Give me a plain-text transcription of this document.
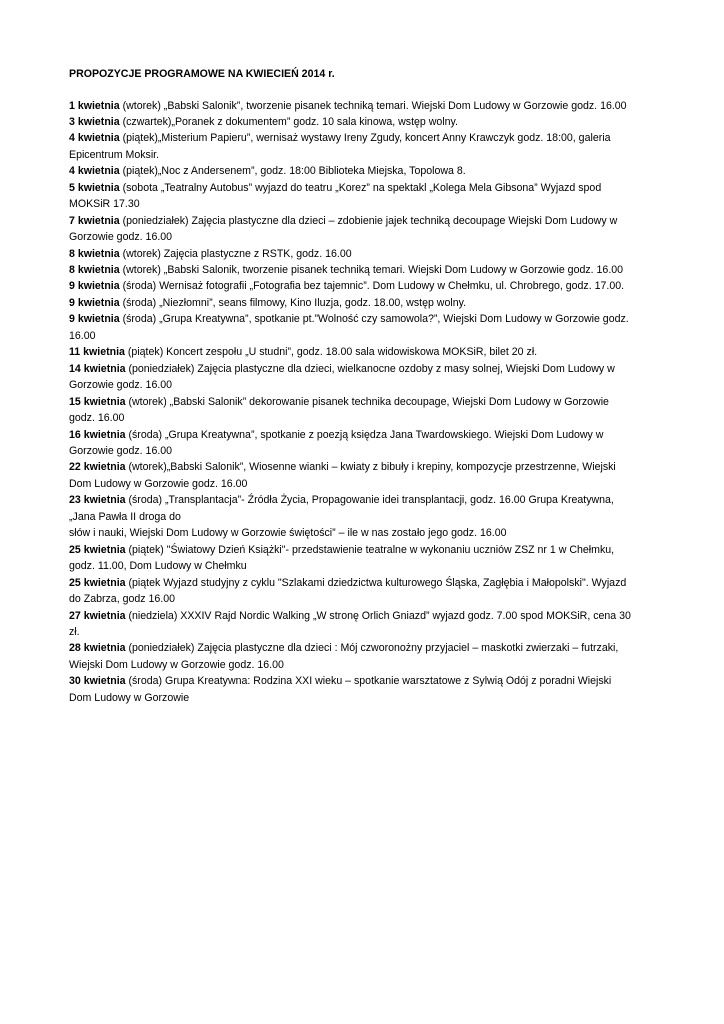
PROPOZYCJE PROGRAMOWE NA KWIECIEŃ 2014 r.
1 kwietnia (wtorek) „Babski Salonik”, tworzenie pisanek techniką temari. Wiejski Dom Ludowy w Gorzowie godz. 16.00
3 kwietnia (czwartek)„Poranek z dokumentem” godz. 10 sala kinowa, wstęp wolny.
4 kwietnia (piątek)„Misterium Papieru”, wernisaż wystawy Ireny Zgudy, koncert Anny Krawczyk godz. 18:00, galeria
Epicentrum Moksir.
4 kwietnia (piątek)„Noc z Andersenem”, godz. 18:00 Biblioteka Miejska, Topolowa 8.
5 kwietnia (sobota „Teatralny Autobus” wyjazd do teatru „Korez” na spektakl „Kolega Mela Gibsona” Wyjazd spod
MOKSiR 17.30
7 kwietnia (poniedziałek) Zajęcia plastyczne dla dzieci – zdobienie jajek techniką decoupage Wiejski Dom Ludowy w
Gorzowie godz. 16.00
8 kwietnia (wtorek) Zajęcia plastyczne z RSTK, godz. 16.00
8 kwietnia (wtorek) „Babski Salonik, tworzenie pisanek techniką temari. Wiejski Dom Ludowy w Gorzowie godz. 16.00
9 kwietnia (środa) Wernisaż fotografii „Fotografia bez tajemnic”. Dom Ludowy w Chełmku, ul. Chrobrego, godz. 17.00.
9 kwietnia (środa) „Niezłomni”, seans filmowy, Kino Iluzja, godz. 18.00, wstęp wolny.
9 kwietnia (środa) „Grupa Kreatywna”, spotkanie pt.”Wolność czy samowola?”, Wiejski Dom Ludowy w Gorzowie godz.
16.00
11 kwietnia (piątek) Koncert zespołu „U studni”, godz. 18.00 sala widowiskowa MOKSiR, bilet 20 zł.
14 kwietnia (poniedziałek) Zajęcia plastyczne dla dzieci, wielkanocne ozdoby z masy solnej, Wiejski Dom Ludowy w
Gorzowie godz. 16.00
15 kwietnia (wtorek) „Babski Salonik” dekorowanie pisanek technika decoupage, Wiejski Dom Ludowy w Gorzowie
godz. 16.00
16 kwietnia (środa) „Grupa Kreatywna”, spotkanie z poezją księdza Jana Twardowskiego. Wiejski Dom Ludowy w
Gorzowie godz. 16.00
22 kwietnia (wtorek)„Babski Salonik”, Wiosenne wianki – kwiaty z bibuły i krepiny, kompozycje przestrzenne, Wiejski
Dom Ludowy w Gorzowie godz. 16.00
23 kwietnia (środa) „Transplantacja”- Źródła Życia, Propagowanie idei transplantacji, godz. 16.00 Grupa Kreatywna,
„Jana Pawła II droga do
słów i nauki, Wiejski Dom Ludowy w Gorzowie świętości” – ile w nas zostało jego godz. 16.00
25 kwietnia (piątek) "Światowy Dzień Książki"- przedstawienie teatralne w wykonaniu uczniów ZSZ nr 1 w Chełmku,
godz. 11.00, Dom Ludowy w Chełmku
25 kwietnia (piątek Wyjazd studyjny z cyklu "Szlakami dziedzictwa kulturowego Śląska, Zagłębia i Małopolski". Wyjazd
do Zabrza, godz 16.00
27 kwietnia (niedziela) XXXIV Rajd Nordic Walking „W stronę Orlich Gniazd” wyjazd godz. 7.00 spod MOKSiR, cena 30
zł.
28 kwietnia (poniedziałek) Zajęcia plastyczne dla dzieci : Mój czworonożny przyjaciel – maskotki zwierzaki – futrzaki,
Wiejski Dom Ludowy w Gorzowie godz. 16.00
30 kwietnia (środa) Grupa Kreatywna: Rodzina XXI wieku – spotkanie warsztatowe z Sylwią Odój z poradni Wiejski
Dom Ludowy w Gorzowie
